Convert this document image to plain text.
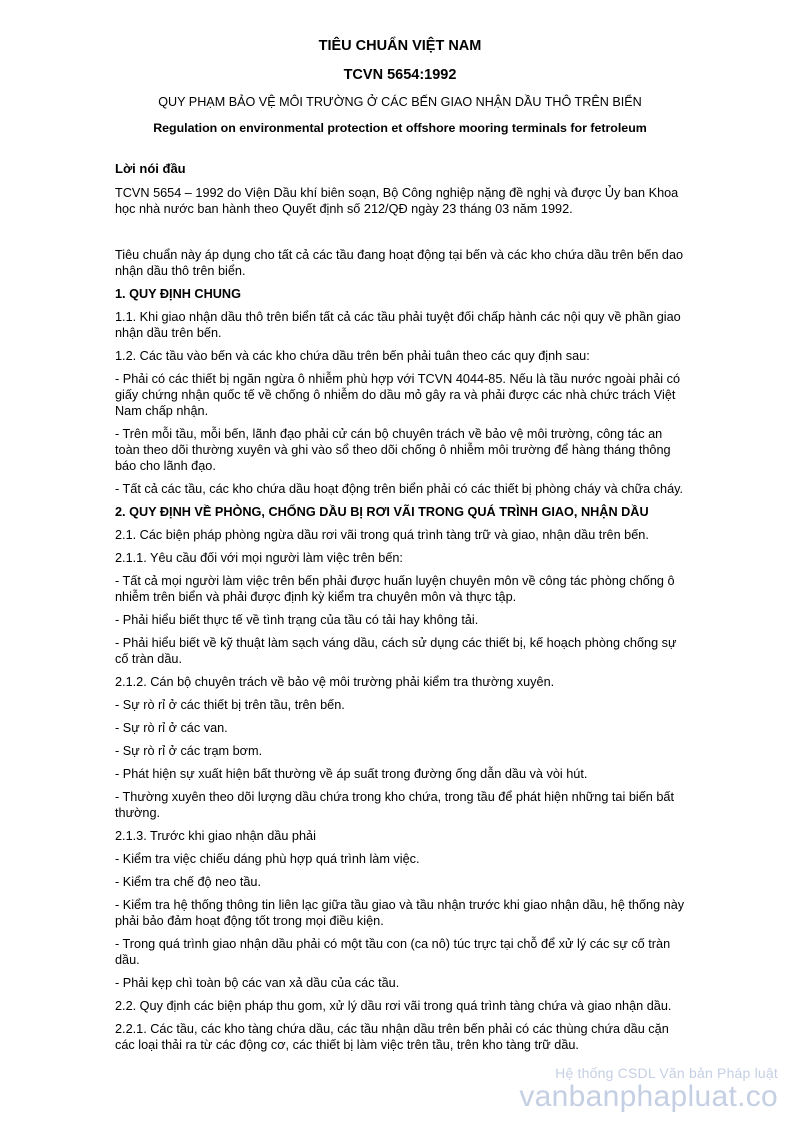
TIÊU CHUẨN VIỆT NAM
TCVN 5654:1992
QUY PHẠM BẢO VỆ MÔI TRƯỜNG Ở CÁC BẾN GIAO NHẬN DẦU THÔ TRÊN BIỂN
Regulation on environmental protection et offshore mooring terminals for fetroleum
Lời nói đầu
TCVN 5654 – 1992 do Viện Dầu khí biên soạn, Bộ Công nghiệp nặng đề nghị và được Ủy ban Khoa học nhà nước ban hành theo Quyết định số 212/QĐ ngày 23 tháng 03 năm 1992.
Tiêu chuẩn này áp dụng cho tất cả các tầu đang hoạt động tại bến và các kho chứa dầu trên bến dao nhận dầu thô trên biển.
1. QUY ĐỊNH CHUNG
1.1. Khi giao nhận dầu thô trên biển tất cả các tầu phải tuyệt đối chấp hành các nội quy về phần giao nhận dầu trên bến.
1.2. Các tầu vào bến và các kho chứa dầu trên bến phải tuân theo các quy định sau:
- Phải có các thiết bị ngăn ngừa ô nhiễm phù hợp với TCVN 4044-85. Nếu là tầu nước ngoài phải có giấy chứng nhận quốc tế về chống ô nhiễm do dầu mỏ gây ra và phải được các nhà chức trách Việt Nam chấp nhận.
- Trên mỗi tầu, mỗi bến, lãnh đạo phải cử cán bộ chuyên trách về bảo vệ môi trường, công tác an toàn theo dõi thường xuyên và ghi vào sổ theo dõi chống ô nhiễm môi trường để hàng tháng thông báo cho lãnh đạo.
- Tất cả các tầu, các kho chứa dầu hoạt động trên biển phải có các thiết bị phòng cháy và chữa cháy.
2. QUY ĐỊNH VỀ PHÒNG, CHỐNG DẦU BỊ RƠI VÃI TRONG QUÁ TRÌNH GIAO, NHẬN DẦU
2.1. Các biện pháp phòng ngừa dầu rơi vãi trong quá trình tàng trữ và giao, nhận dầu trên bến.
2.1.1. Yêu cầu đối với mọi người làm việc trên bến:
- Tất cả mọi người làm việc trên bến phải được huấn luyện chuyên môn về công tác phòng chống ô nhiễm trên biển và phải được định kỳ kiểm tra chuyên môn và thực tập.
- Phải hiểu biết thực tế về tình trạng của tầu có tải hay không tải.
- Phải hiểu biết về kỹ thuật làm sạch váng dầu, cách sử dụng các thiết bị, kế hoạch phòng chống sự cố tràn dầu.
2.1.2. Cán bộ chuyên trách về bảo vệ môi trường phải kiểm tra thường xuyên.
- Sự rò rỉ ở các thiết bị trên tầu, trên bến.
- Sự rò rỉ ở các van.
- Sự rò rỉ ở các trạm bơm.
- Phát hiện sự xuất hiện bất thường về áp suất trong đường ống dẫn dầu và vòi hút.
- Thường xuyên theo dõi lượng dầu chứa trong kho chứa, trong tầu để phát hiện những tai biến bất thường.
2.1.3. Trước khi giao nhận dầu phải
- Kiểm tra việc chiếu dáng phù hợp quá trình làm việc.
- Kiểm tra chế độ neo tầu.
- Kiểm tra hệ thống thông tin liên lạc giữa tầu giao và tầu nhận trước khi giao nhận dầu, hệ thống này phải bảo đảm hoạt động tốt trong mọi điều kiện.
- Trong quá trình giao nhận dầu phải có một tầu con (ca nô) túc trực tại chỗ để xử lý các sự cố tràn dầu.
- Phải kẹp chì toàn bộ các van xả dầu của các tầu.
2.2. Quy định các biện pháp thu gom, xử lý dầu rơi vãi trong quá trình tàng chứa và giao nhận dầu.
2.2.1. Các tầu, các kho tàng chứa dầu, các tầu nhận dầu trên bến phải có các thùng chứa dầu cặn các loại thải ra từ các động cơ, các thiết bị làm việc trên tầu, trên kho tàng trữ dầu.
Hệ thống CSDL Văn bản Pháp luật
vanbanphapluat.co
